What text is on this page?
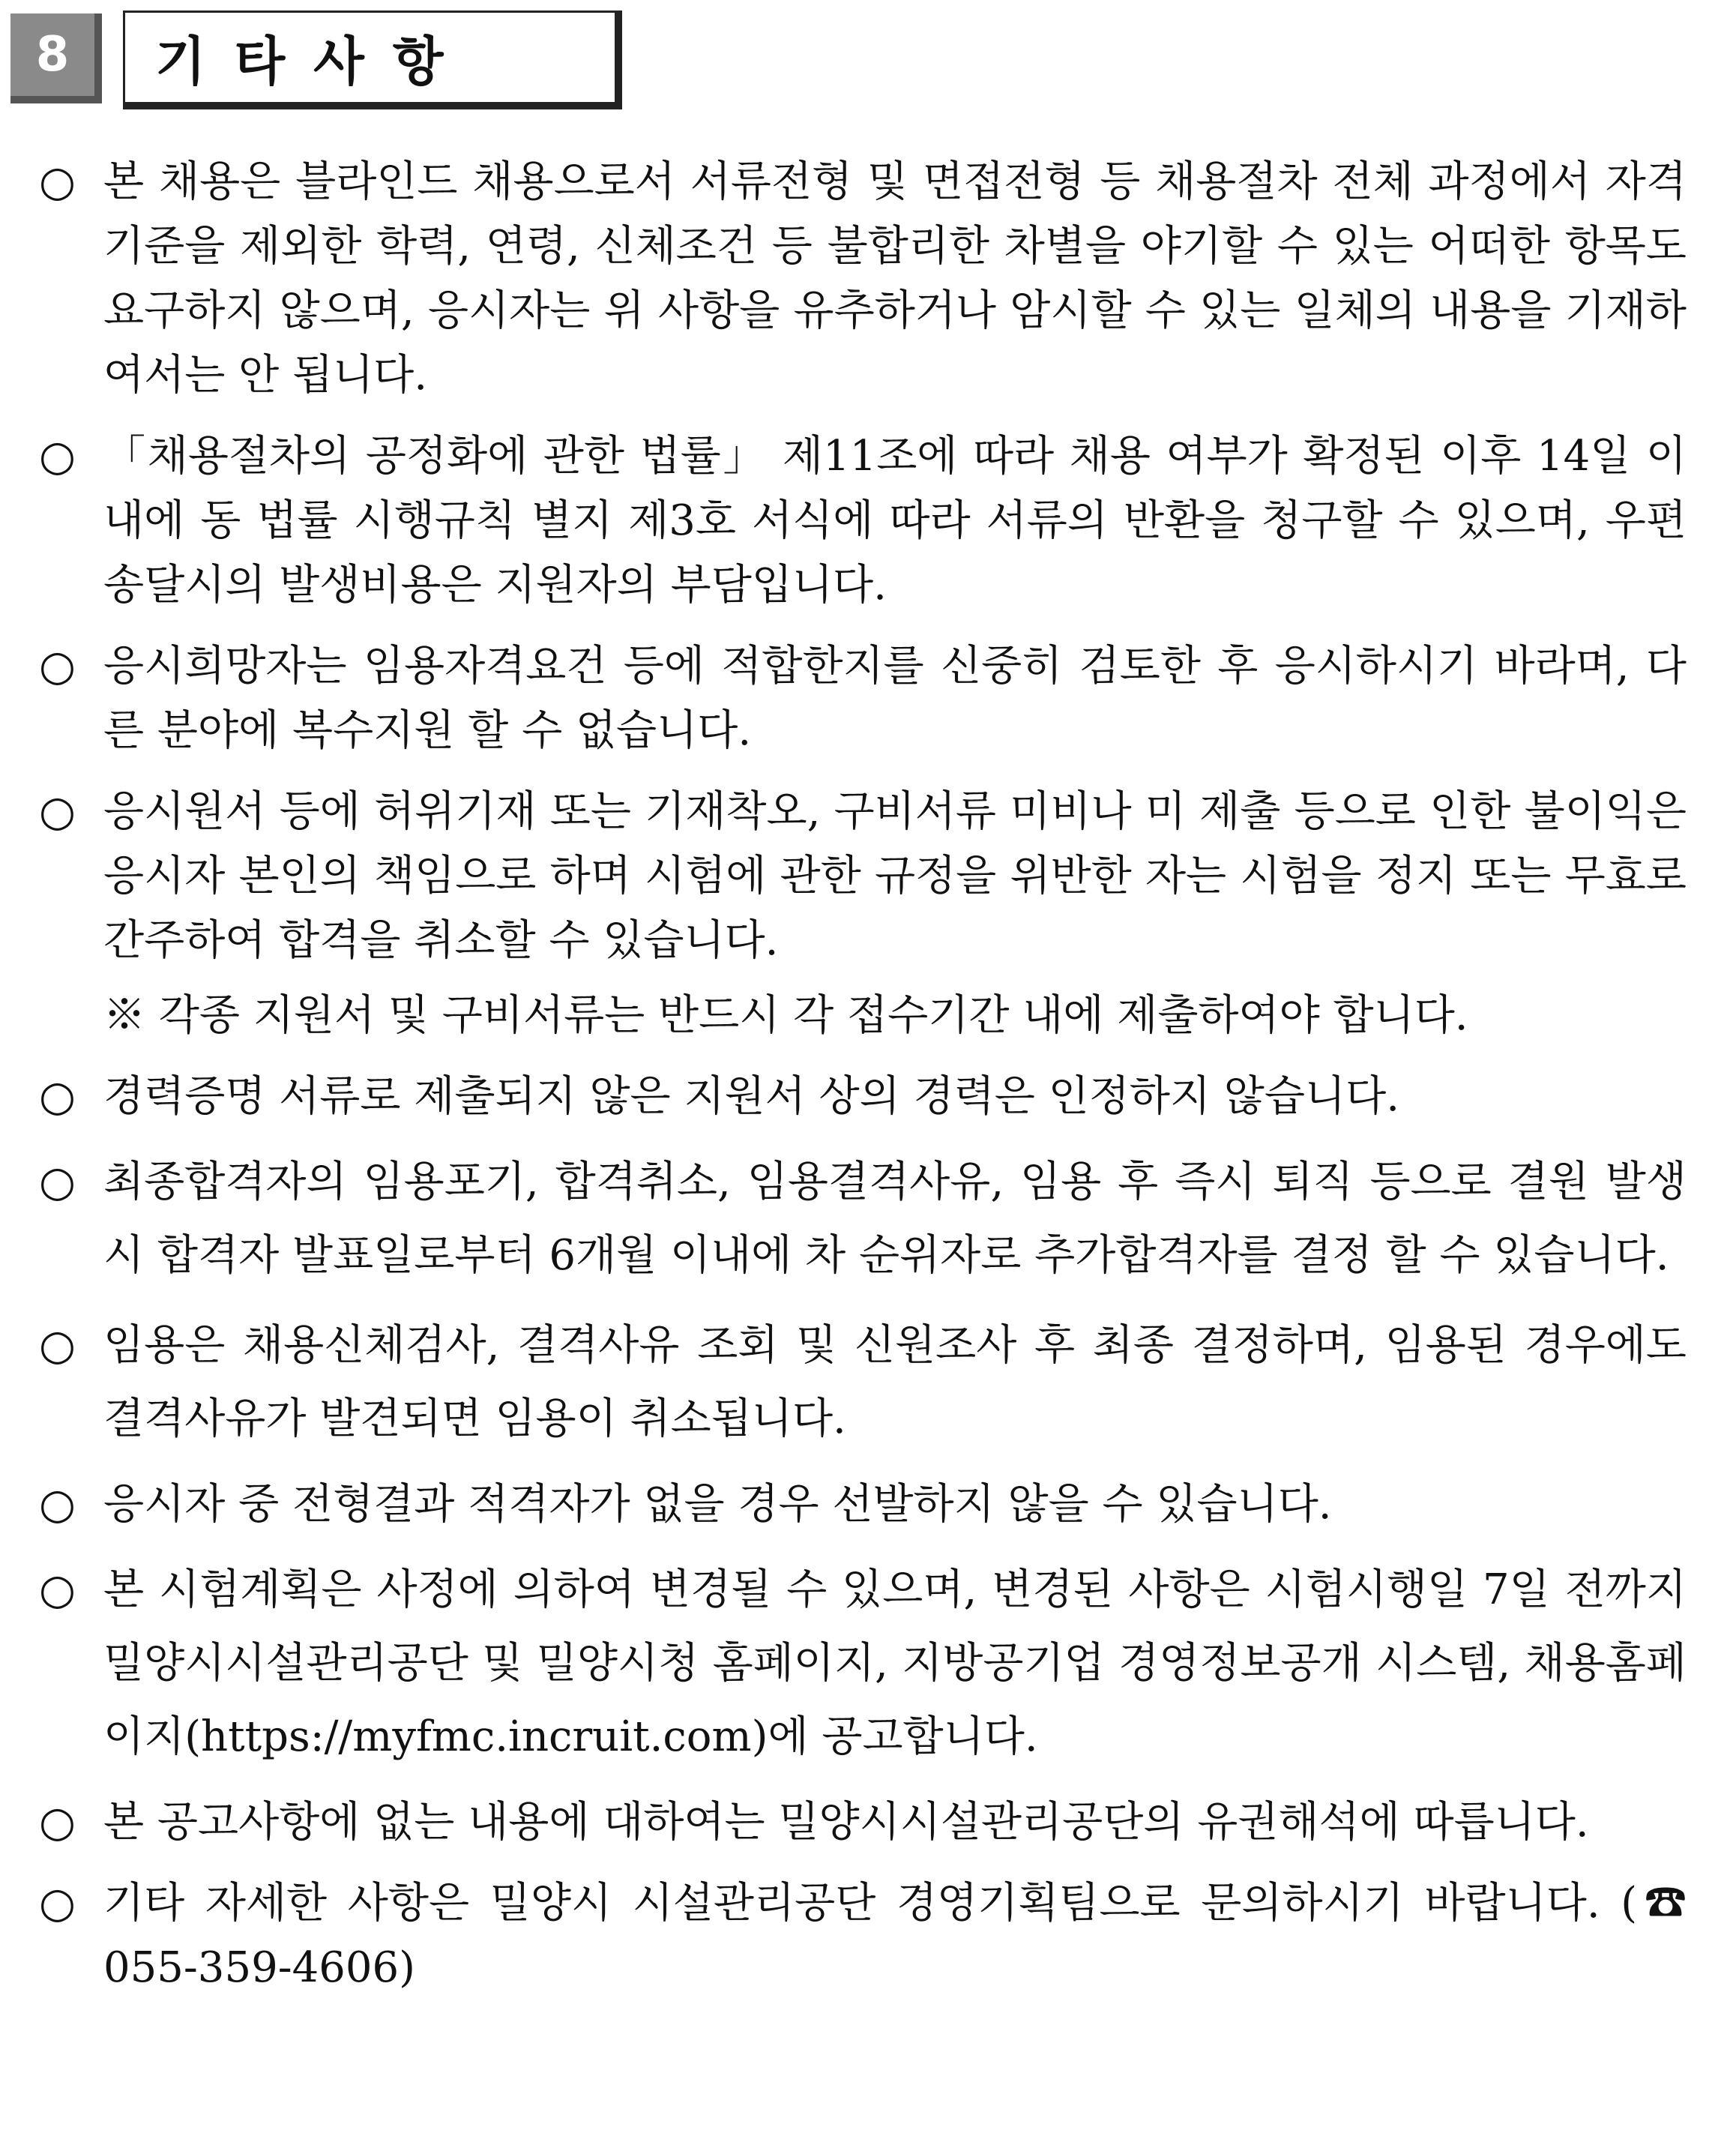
8	기타사항
○ 본 채용은 블라인드 채용으로서 서류전형 및 면접전형 등 채용절차 전체 과정에서 자격기준을 제외한 학력, 연령, 신체조건 등 불합리한 차별을 야기할 수 있는 어떠한 항목도 요구하지 않으며, 응시자는 위 사항을 유추하거나 암시할 수 있는 일체의 내용을 기재하여서는 안 됩니다.
○ 「채용절차의 공정화에 관한 법률」 제11조에 따라 채용 여부가 확정된 이후 14일 이내에 동 법률 시행규칙 별지 제3호 서식에 따라 서류의 반환을 청구할 수 있으며, 우편 송달시의 발생비용은 지원자의 부담입니다.
○ 응시희망자는 임용자격요건 등에 적합한지를 신중히 검토한 후 응시하시기 바라며, 다른 분야에 복수지원 할 수 없습니다.
○ 응시원서 등에 허위기재 또는 기재착오, 구비서류 미비나 미 제출 등으로 인한 불이익은 응시자 본인의 책임으로 하며 시험에 관한 규정을 위반한 자는 시험을 정지 또는 무효로 간주하여 합격을 취소할 수 있습니다.
※ 각종 지원서 및 구비서류는 반드시 각 접수기간 내에 제출하여야 합니다.
○ 경력증명 서류로 제출되지 않은 지원서 상의 경력은 인정하지 않습니다.
○ 최종합격자의 임용포기, 합격취소, 임용결격사유, 임용 후 즉시 퇴직 등으로 결원 발생시 합격자 발표일로부터 6개월 이내에 차 순위자로 추가합격자를 결정 할 수 있습니다.
○ 임용은 채용신체검사, 결격사유 조회 및 신원조사 후 최종 결정하며, 임용된 경우에도 결격사유가 발견되면 임용이 취소됩니다.
○ 응시자 중 전형결과 적격자가 없을 경우 선발하지 않을 수 있습니다.
○ 본 시험계획은 사정에 의하여 변경될 수 있으며, 변경된 사항은 시험시행일 7일 전까지 밀양시시설관리공단 및 밀양시청 홈페이지, 지방공기업 경영정보공개 시스템, 채용홈페이지(https://myfmc.incruit.com)에 공고합니다.
○ 본 공고사항에 없는 내용에 대하여는 밀양시시설관리공단의 유권해석에 따릅니다.
○ 기타 자세한 사항은 밀양시 시설관리공단 경영기획팀으로 문의하시기 바랍니다. (☎ 055-359-4606)
